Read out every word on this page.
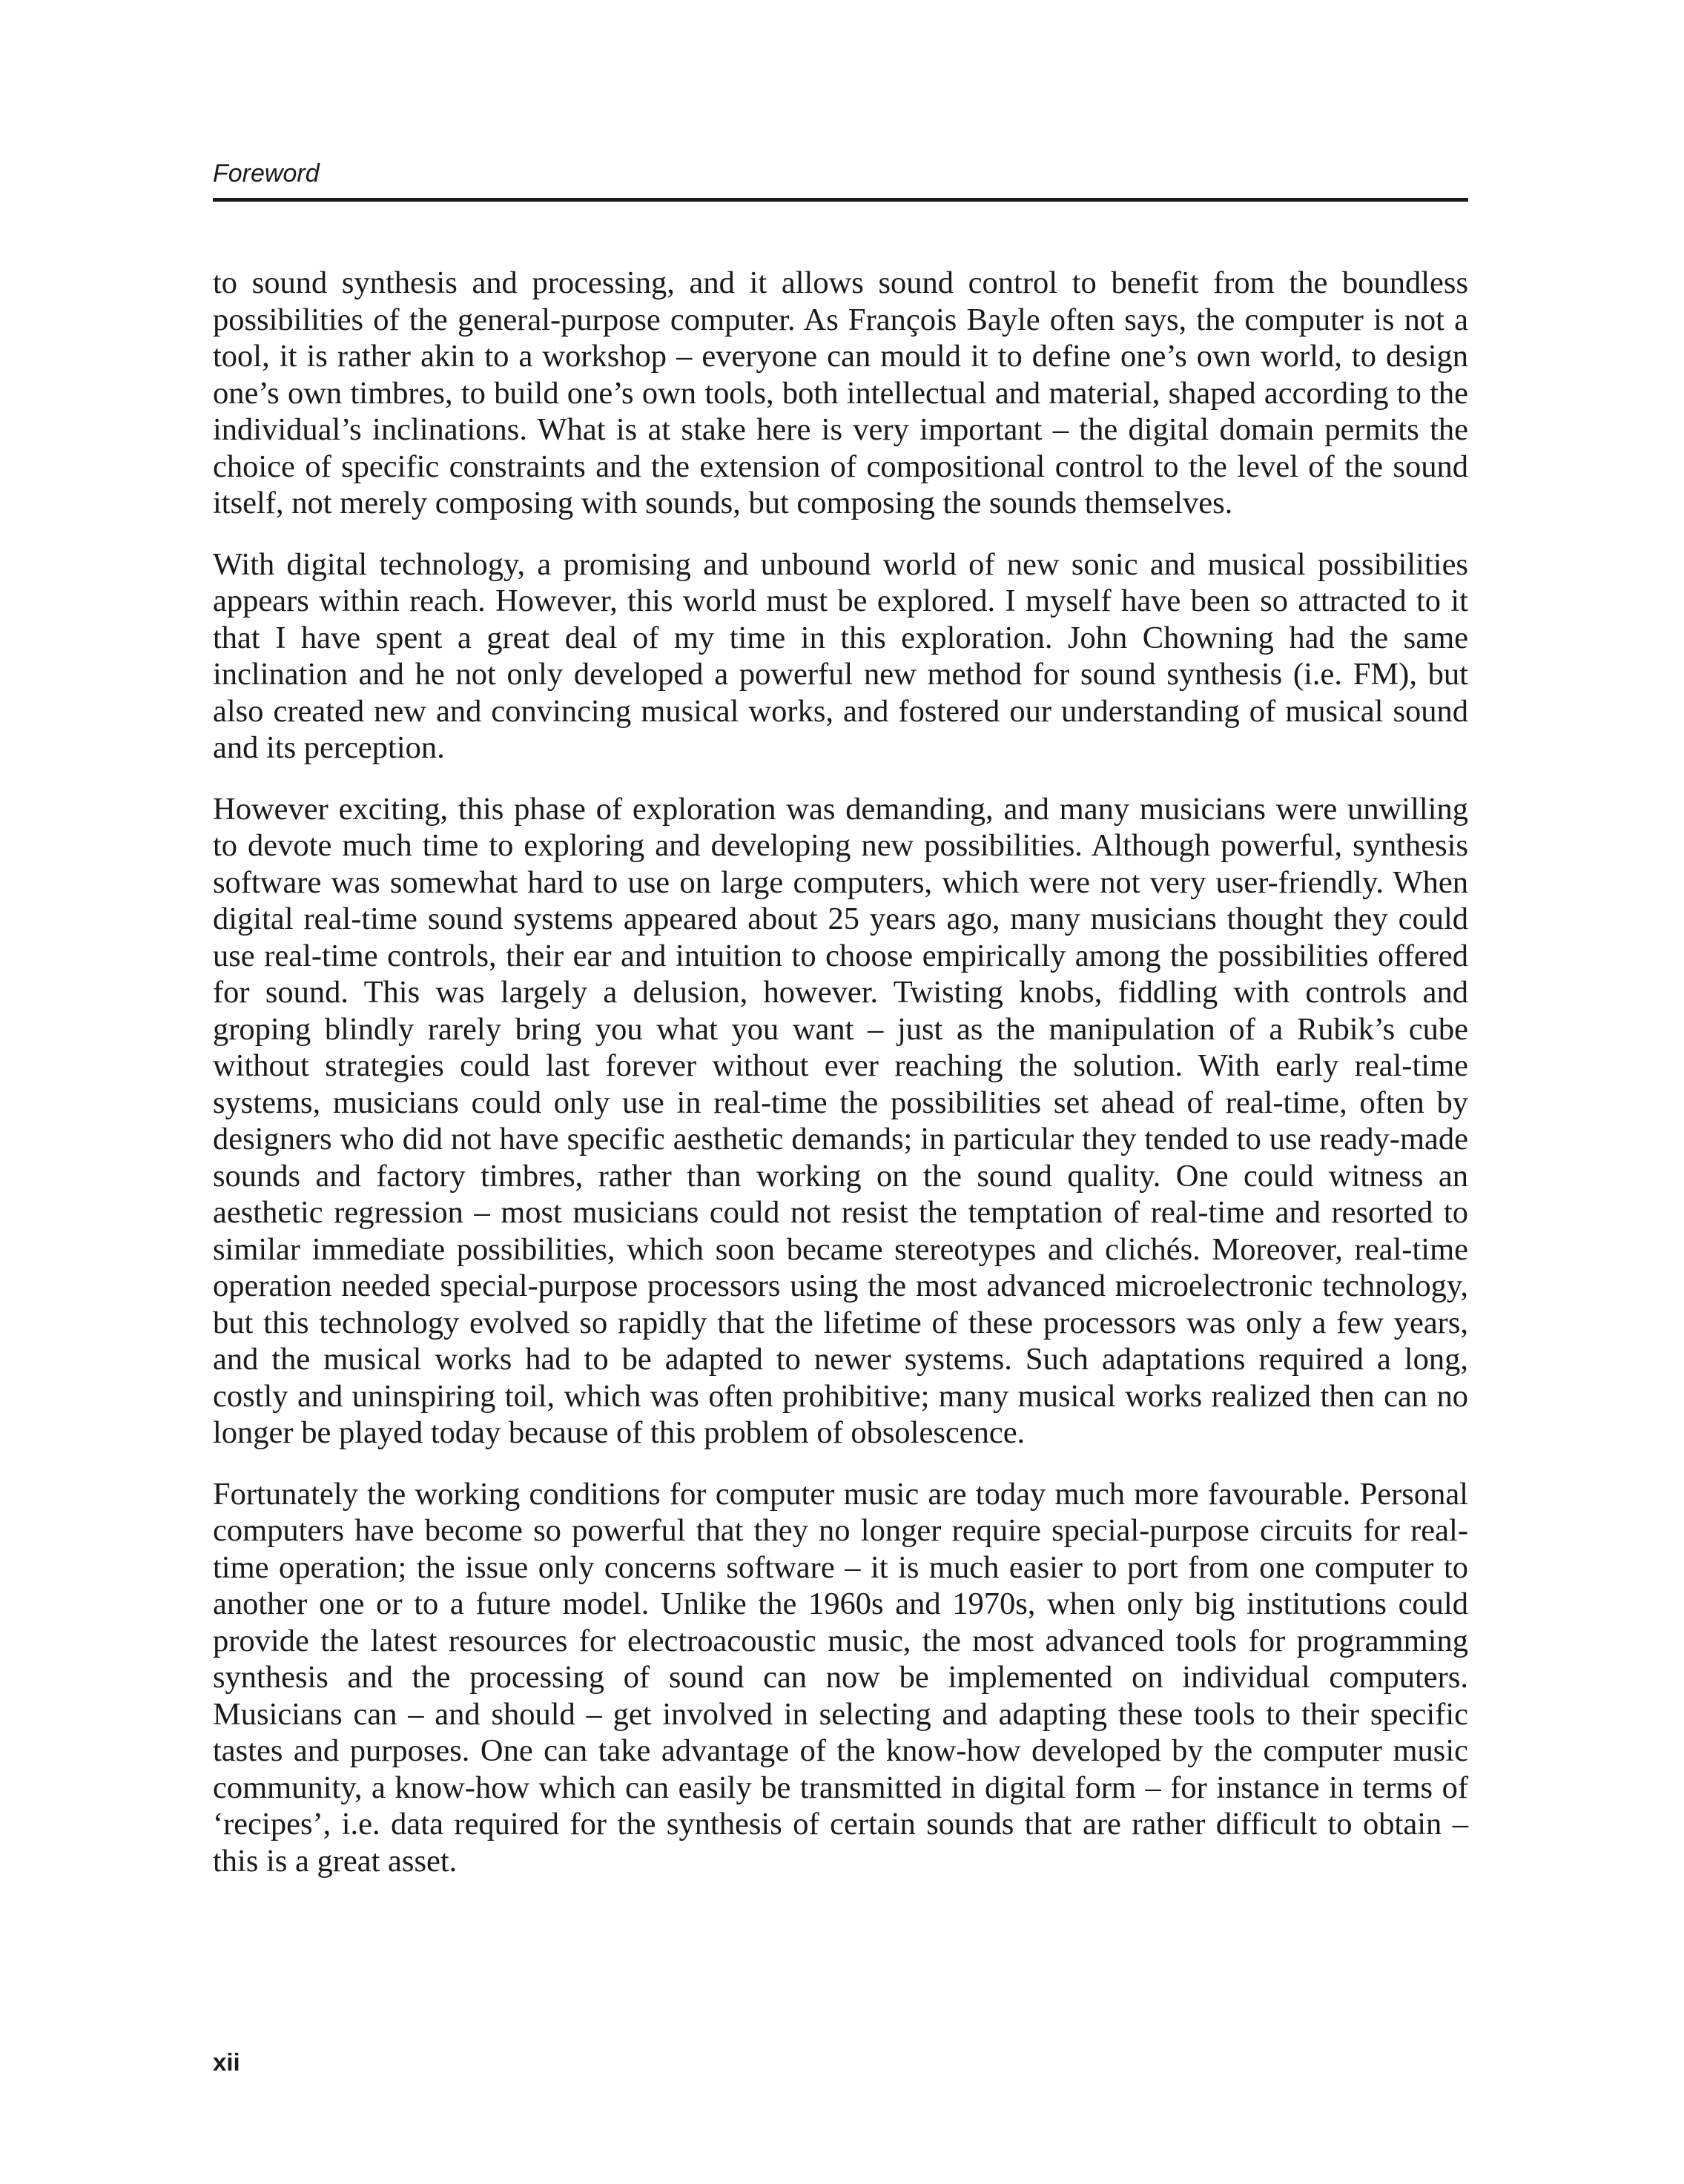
Foreword

to sound synthesis and processing, and it allows sound control to benefit from the boundless possibilities of the general-purpose computer. As François Bayle often says, the computer is not a tool, it is rather akin to a workshop – everyone can mould it to define one’s own world, to design one’s own timbres, to build one’s own tools, both intellectual and material, shaped according to the individual’s inclinations. What is at stake here is very important – the digital domain permits the choice of specific constraints and the extension of compositional control to the level of the sound itself, not merely composing with sounds, but composing the sounds themselves.

With digital technology, a promising and unbound world of new sonic and musical possibilities appears within reach. However, this world must be explored. I myself have been so attracted to it that I have spent a great deal of my time in this exploration. John Chowning had the same inclination and he not only developed a powerful new method for sound synthesis (i.e. FM), but also created new and convincing musical works, and fostered our understanding of musical sound and its perception.

However exciting, this phase of exploration was demanding, and many musicians were unwilling to devote much time to exploring and developing new possibilities. Although powerful, synthesis software was somewhat hard to use on large computers, which were not very user-friendly. When digital real-time sound systems appeared about 25 years ago, many musicians thought they could use real-time controls, their ear and intuition to choose empirically among the possibilities offered for sound. This was largely a delusion, however. Twisting knobs, fiddling with controls and groping blindly rarely bring you what you want – just as the manipulation of a Rubik’s cube without strategies could last forever without ever reaching the solution. With early real-time systems, musicians could only use in real-time the possibilities set ahead of real-time, often by designers who did not have specific aesthetic demands; in particular they tended to use ready-made sounds and factory timbres, rather than working on the sound quality. One could witness an aesthetic regression – most musicians could not resist the temptation of real-time and resorted to similar immediate possibilities, which soon became stereotypes and clichés. Moreover, real-time operation needed special-purpose processors using the most advanced microelectronic technology, but this technology evolved so rapidly that the lifetime of these processors was only a few years, and the musical works had to be adapted to newer systems. Such adaptations required a long, costly and uninspiring toil, which was often prohibitive; many musical works realized then can no longer be played today because of this problem of obsolescence.

Fortunately the working conditions for computer music are today much more favourable. Personal computers have become so powerful that they no longer require special-purpose circuits for real-time operation; the issue only concerns software – it is much easier to port from one computer to another one or to a future model. Unlike the 1960s and 1970s, when only big institutions could provide the latest resources for electroacoustic music, the most advanced tools for programming synthesis and the processing of sound can now be implemented on individual computers. Musicians can – and should – get involved in selecting and adapting these tools to their specific tastes and purposes. One can take advantage of the know-how developed by the computer music community, a know-how which can easily be transmitted in digital form – for instance in terms of ‘recipes’, i.e. data required for the synthesis of certain sounds that are rather difficult to obtain – this is a great asset.

xii
